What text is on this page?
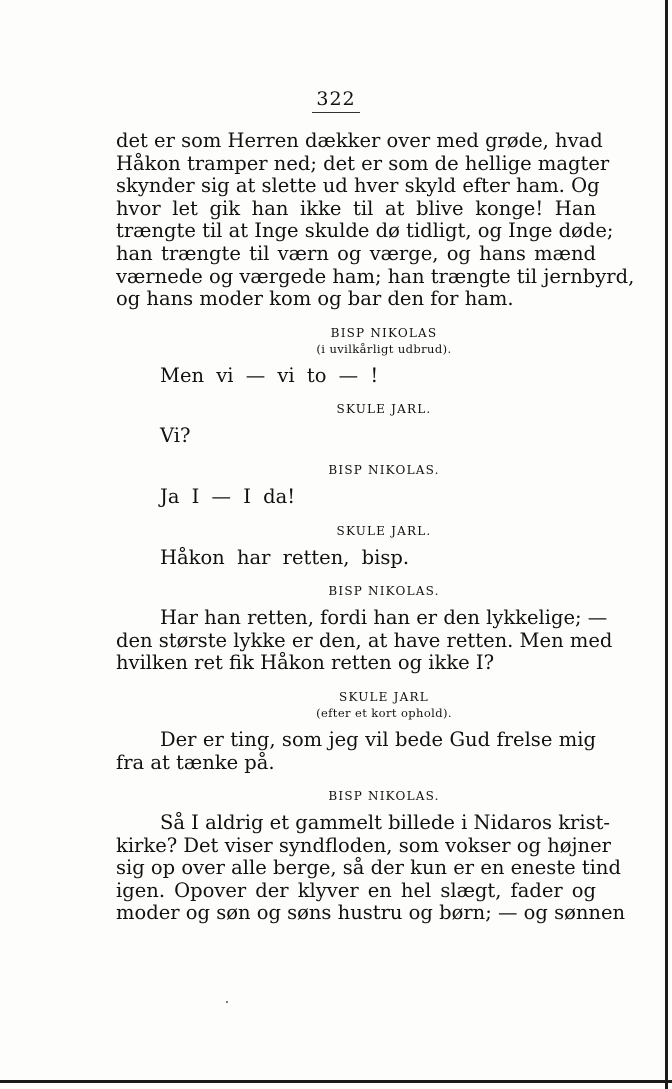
322
det er som Herren dækker over med grøde, hvad
Håkon tramper ned; det er som de hellige magter
skynder sig at slette ud hver skyld efter ham. Og
hvor let gik han ikke til at blive konge! Han
trængte til at Inge skulde dø tidligt, og Inge døde;
han trængte til værn og værge, og hans mænd
værnede og værgede ham; han trængte til jernbyrd,
og hans moder kom og bar den for ham.
BISP NIKOLAS
(i uvilkårligt udbrud).
Men vi — vi to — !
SKULE JARL.
Vi?
BISP NIKOLAS.
Ja I — I da!
SKULE JARL.
Håkon har retten, bisp.
BISP NIKOLAS.
Har han retten, fordi han er den lykkelige; —
den største lykke er den, at have retten. Men med
hvilken ret fik Håkon retten og ikke I?
SKULE JARL
(efter et kort ophold).
Der er ting, som jeg vil bede Gud frelse mig
fra at tænke på.
BISP NIKOLAS.
Så I aldrig et gammelt billede i Nidaros krist-
kirke? Det viser syndfloden, som vokser og højner
sig op over alle berge, så der kun er en eneste tind
igen. Opover der klyver en hel slægt, fader og
moder og søn og søns hustru og børn; — og sønnen
